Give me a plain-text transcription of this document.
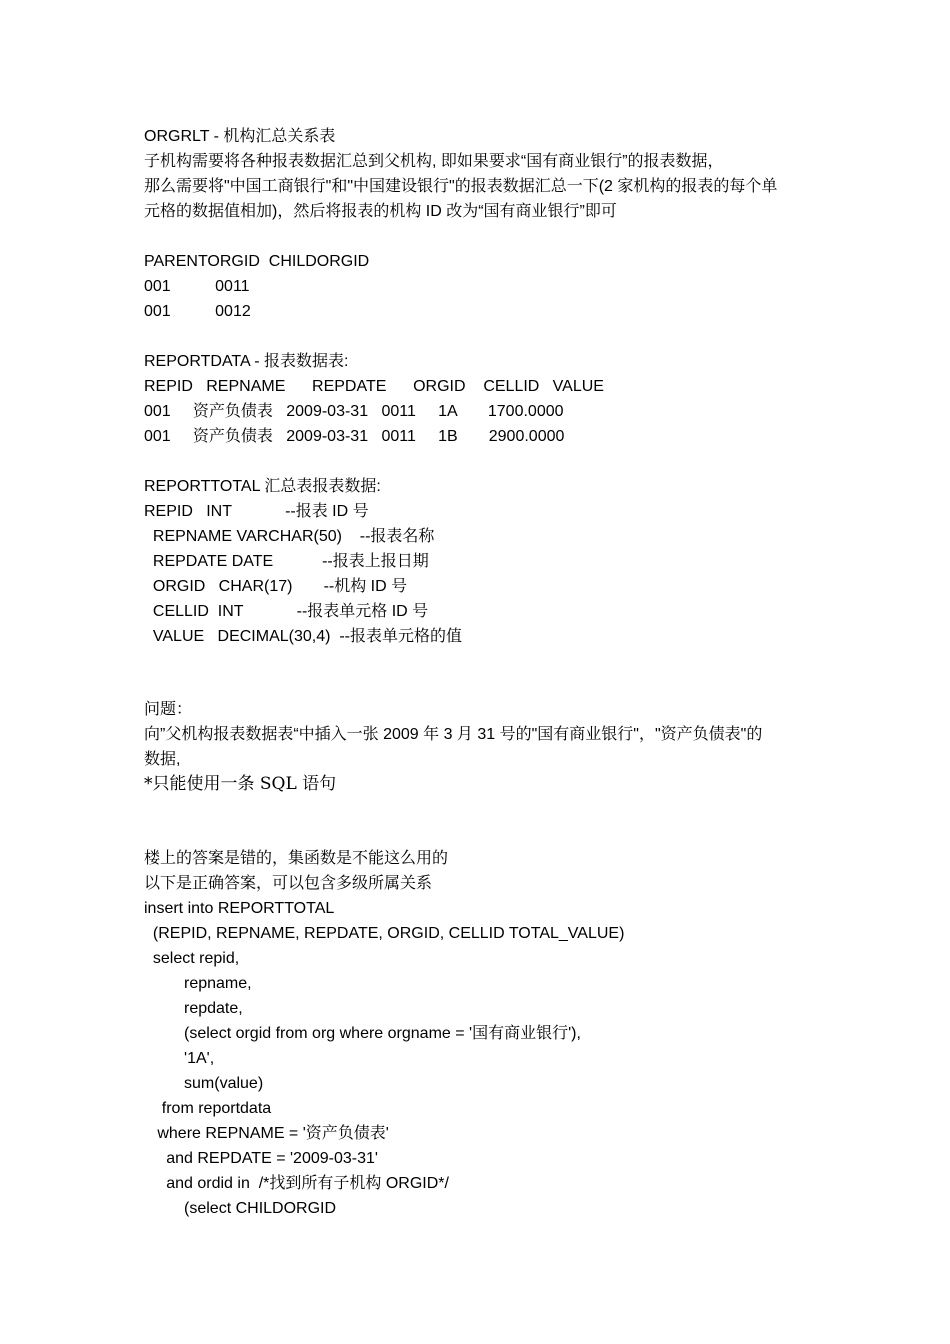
ORGRLT - 机构汇总关系表
子机构需要将各种报表数据汇总到父机构, 即如果要求“国有商业银行”的报表数据，
那么需要将"中国工商银行"和"中国建设银行"的报表数据汇总一下(2 家机构的报表的每个单
元格的数据值相加)，然后将报表的机构 ID 改为“国有商业银行”即可
PARENTORGID  CHILDORGID
001          0011
001          0012
REPORTDATA - 报表数据表:
REPID   REPNAME      REPDATE      ORGID    CELLID   VALUE
001     资产负债表   2009-03-31   0011     1A       1700.0000
001     资产负债表   2009-03-31   0011     1B       2900.0000
REPORTTOTAL 汇总表报表数据:
REPID   INT            --报表 ID 号
REPNAME VARCHAR(50)    --报表名称
REPDATE DATE           --报表上报日期
ORGID   CHAR(17)       --机构 ID 号
CELLID  INT            --报表单元格 ID 号
VALUE   DECIMAL(30,4)  --报表单元格的值
问题：
向”父机构报表数据表“中插入一张 2009 年 3 月 31 号的"国有商业银行"，"资产负债表"的
数据,
*只能使用一条 SQL 语句
楼上的答案是错的，集函数是不能这么用的
以下是正确答案，可以包含多级所属关系
insert into REPORTTOTAL
(REPID, REPNAME, REPDATE, ORGID, CELLID TOTAL_VALUE)
select repid,
repname,
repdate,
(select orgid from org where orgname = '国有商业银行'),
'1A',
sum(value)
from reportdata
where REPNAME = '资产负债表'
and REPDATE = '2009-03-31'
and ordid in  /*找到所有子机构 ORGID*/
(select CHILDORGID
